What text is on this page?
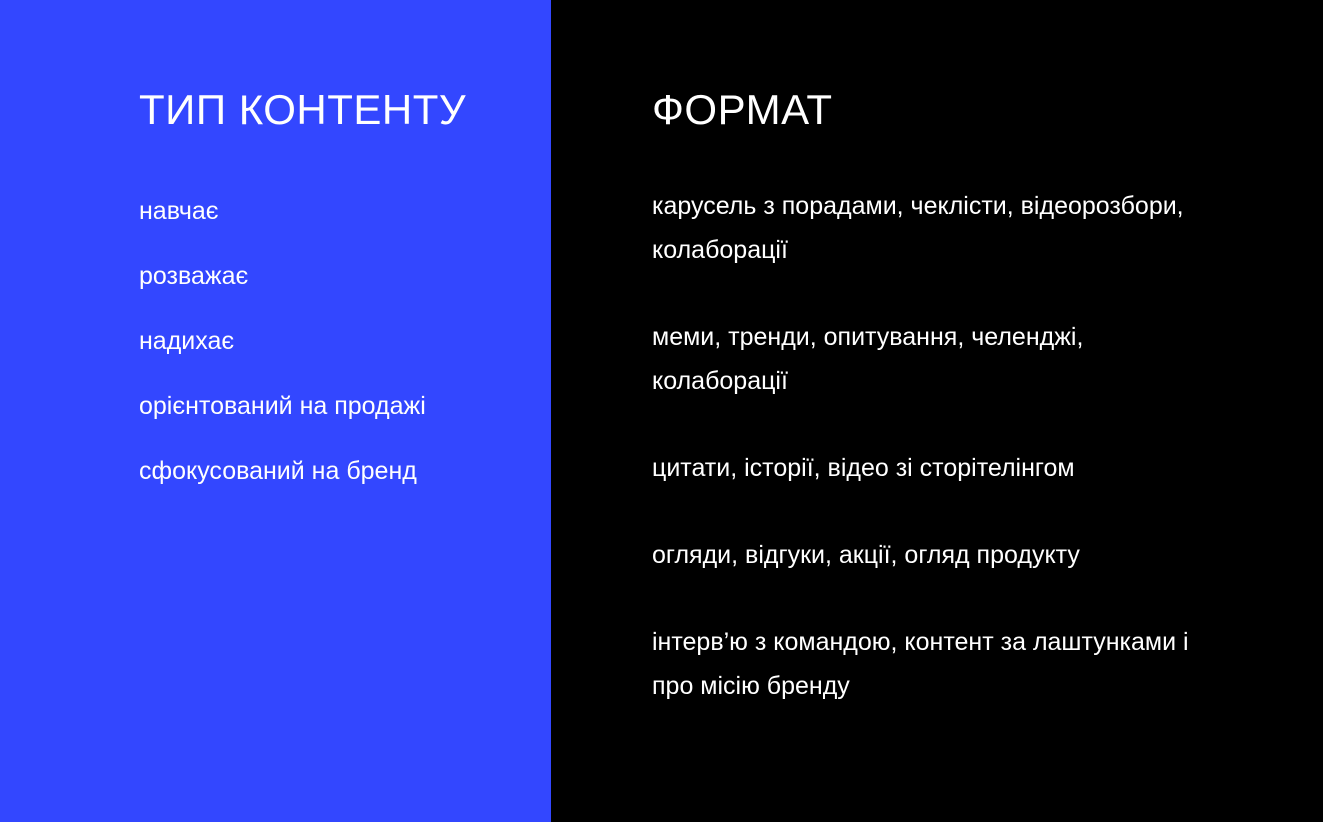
ТИП КОНТЕНТУ
навчає
розважає
надихає
орієнтований на продажі
сфокусований на бренд
ФОРМАТ
карусель з порадами, чеклісти, відеорозбори, колаборації
меми, тренди, опитування, челенджі, колаборації
цитати, історії, відео зі сторітелінгом
огляди, відгуки, акції, огляд продукту
інтерв’ю з командою, контент за лаштунками і про місію бренду
